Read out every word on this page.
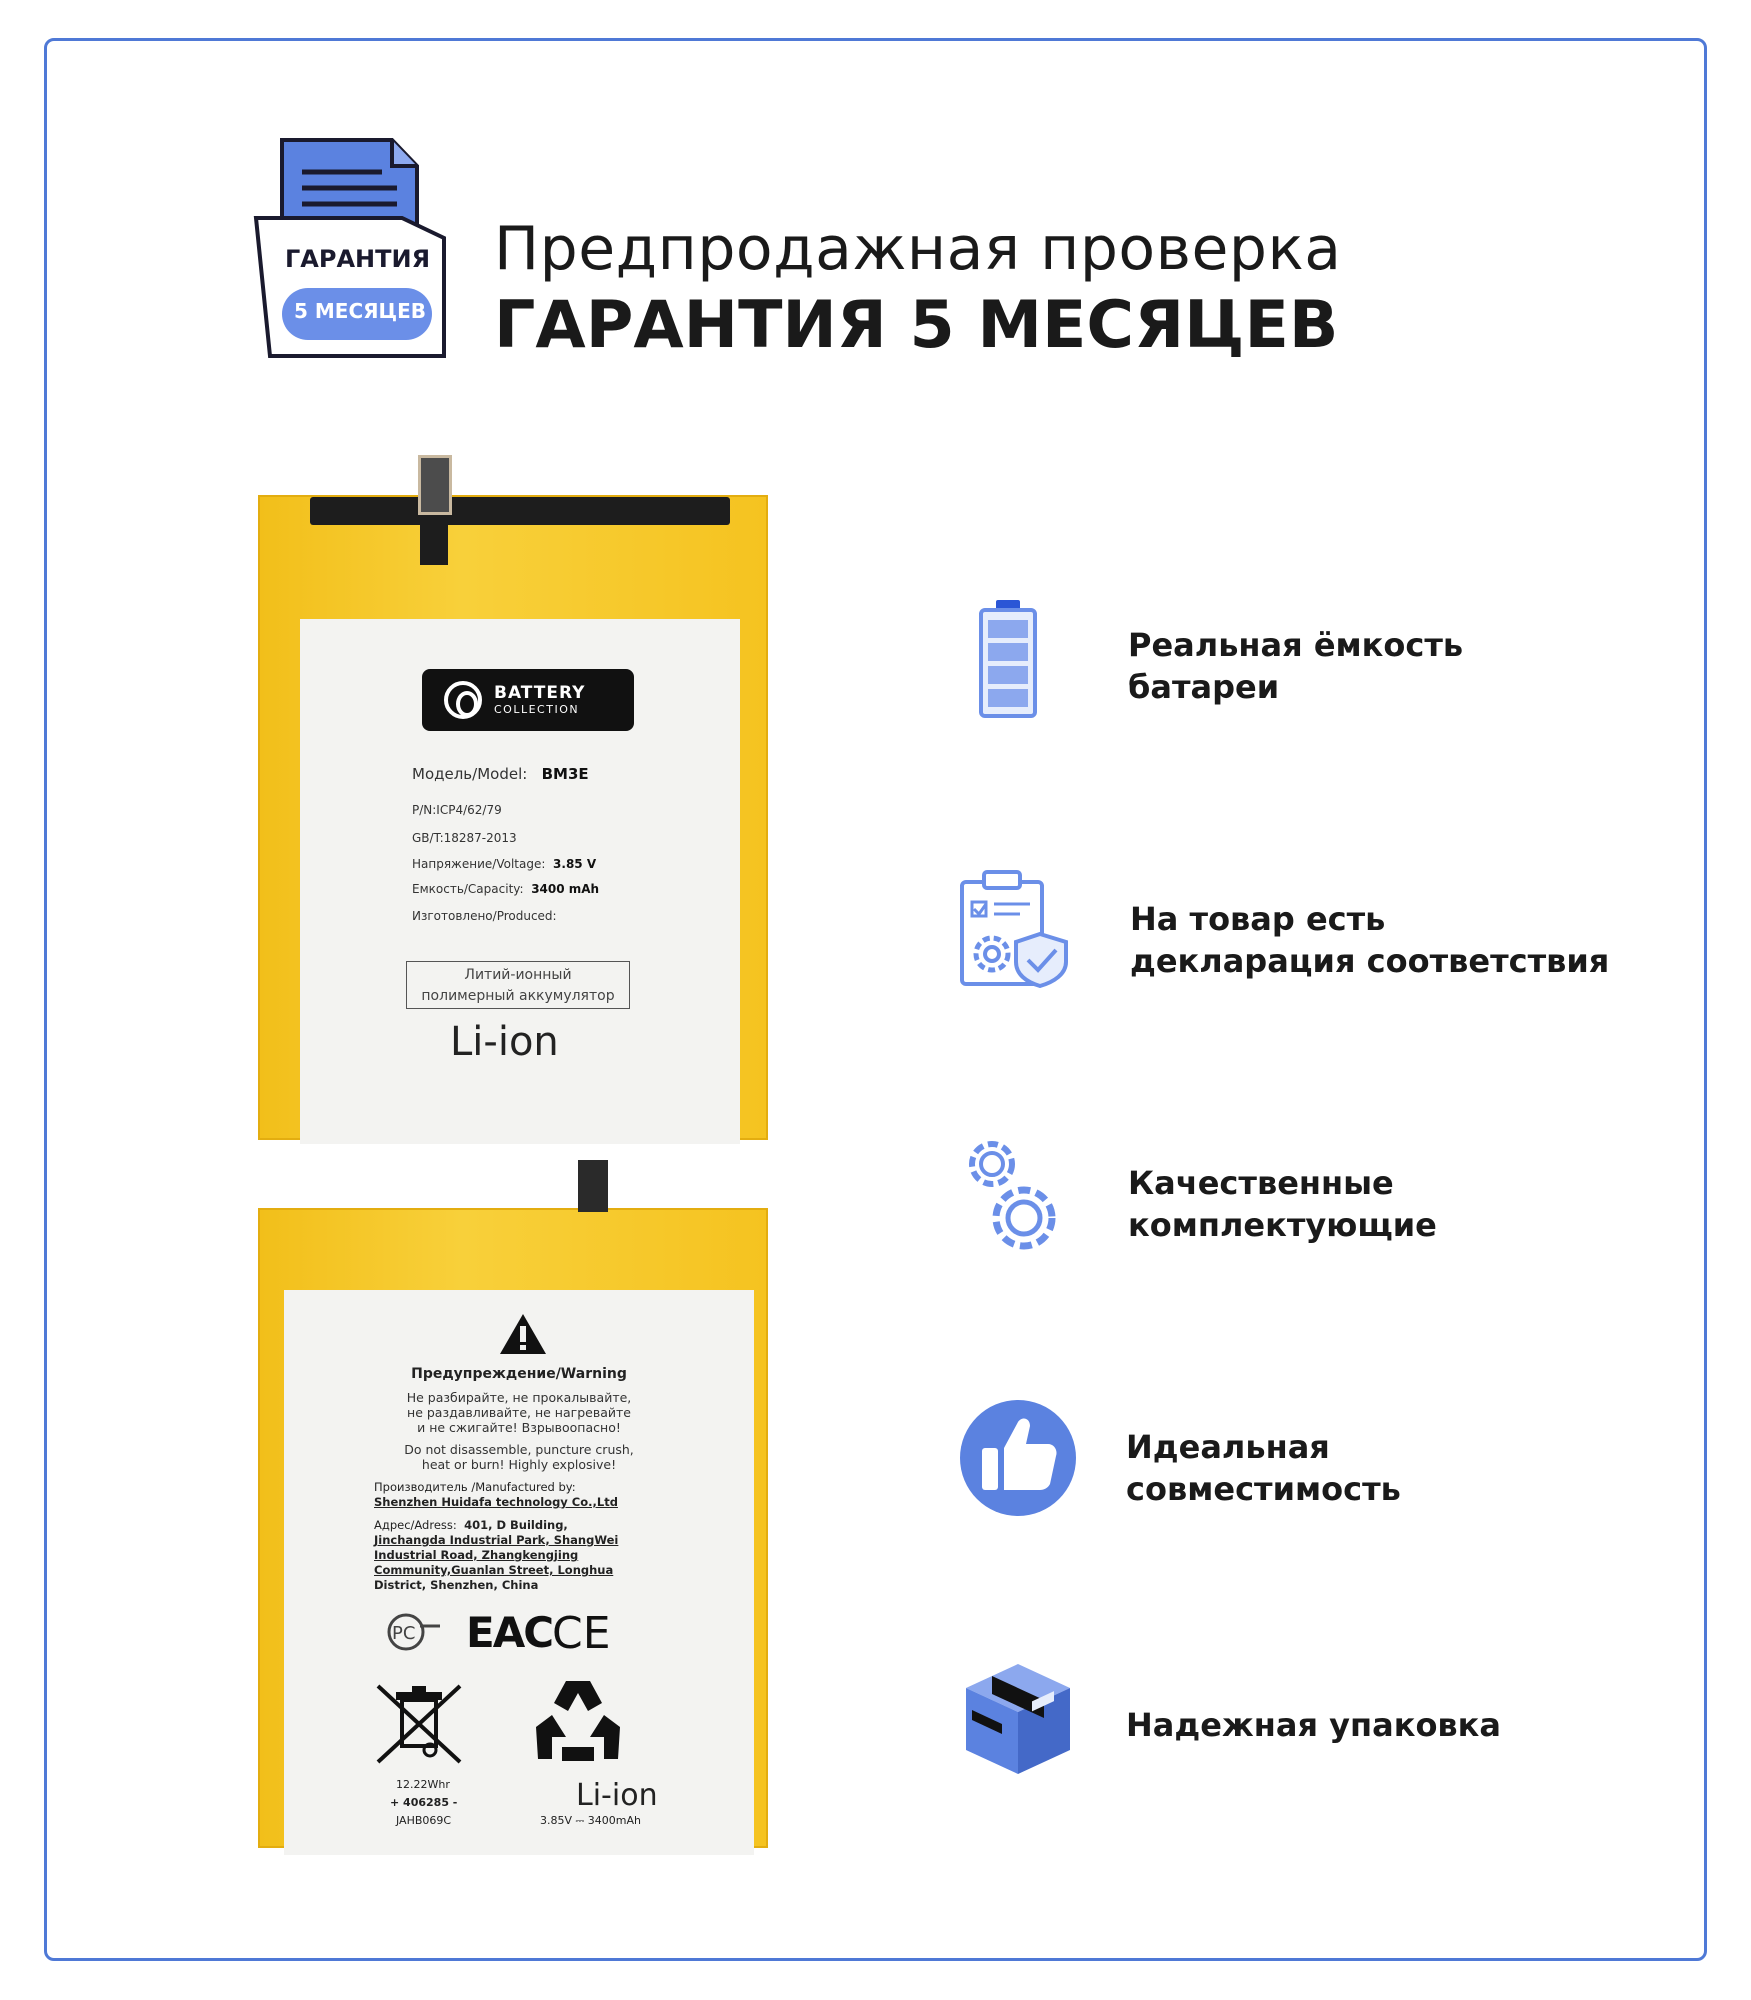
ГАРАНТИЯ
5 МЕСЯЦЕВ
Предпродажная проверка
ГАРАНТИЯ 5 МЕСЯЦЕВ
BATTERY
COLLECTION
Модель/Model: BM3E
P/N:ICP4/62/79
GB/T:18287-2013
Напряжение/Voltage: 3.85 V
Емкость/Capacity: 3400 mAh
Изготовлено/Produced:
Литий-ионный
полимерный аккумулятор
Li-ion
Предупреждение/Warning
Не разбирайте, не прокалывайте,
не раздавливайте, не нагревайте
и не сжигайте! Взрывоопасно!
Do not disassemble, puncture crush,
heat or burn! Highly explosive!
Производитель /Manufactured by:
Shenzhen Huidafa technology Co.,Ltd
Адрес/Adress: 401, D Building,
Jinchangda Industrial Park, ShangWei
Industrial Road, Zhangkengjing
Community,Guanlan Street, Longhua
District, Shenzhen, China
PC EAC CE
12.22Whr
+ 406285 -
JAHB069C
Li-ion
3.85V ⎓ 3400mAh
Реальная ёмкость
батареи
На товар есть
декларация соответствия
Качественные
комплектующие
Идеальная
совместимость
Надежная упаковка
